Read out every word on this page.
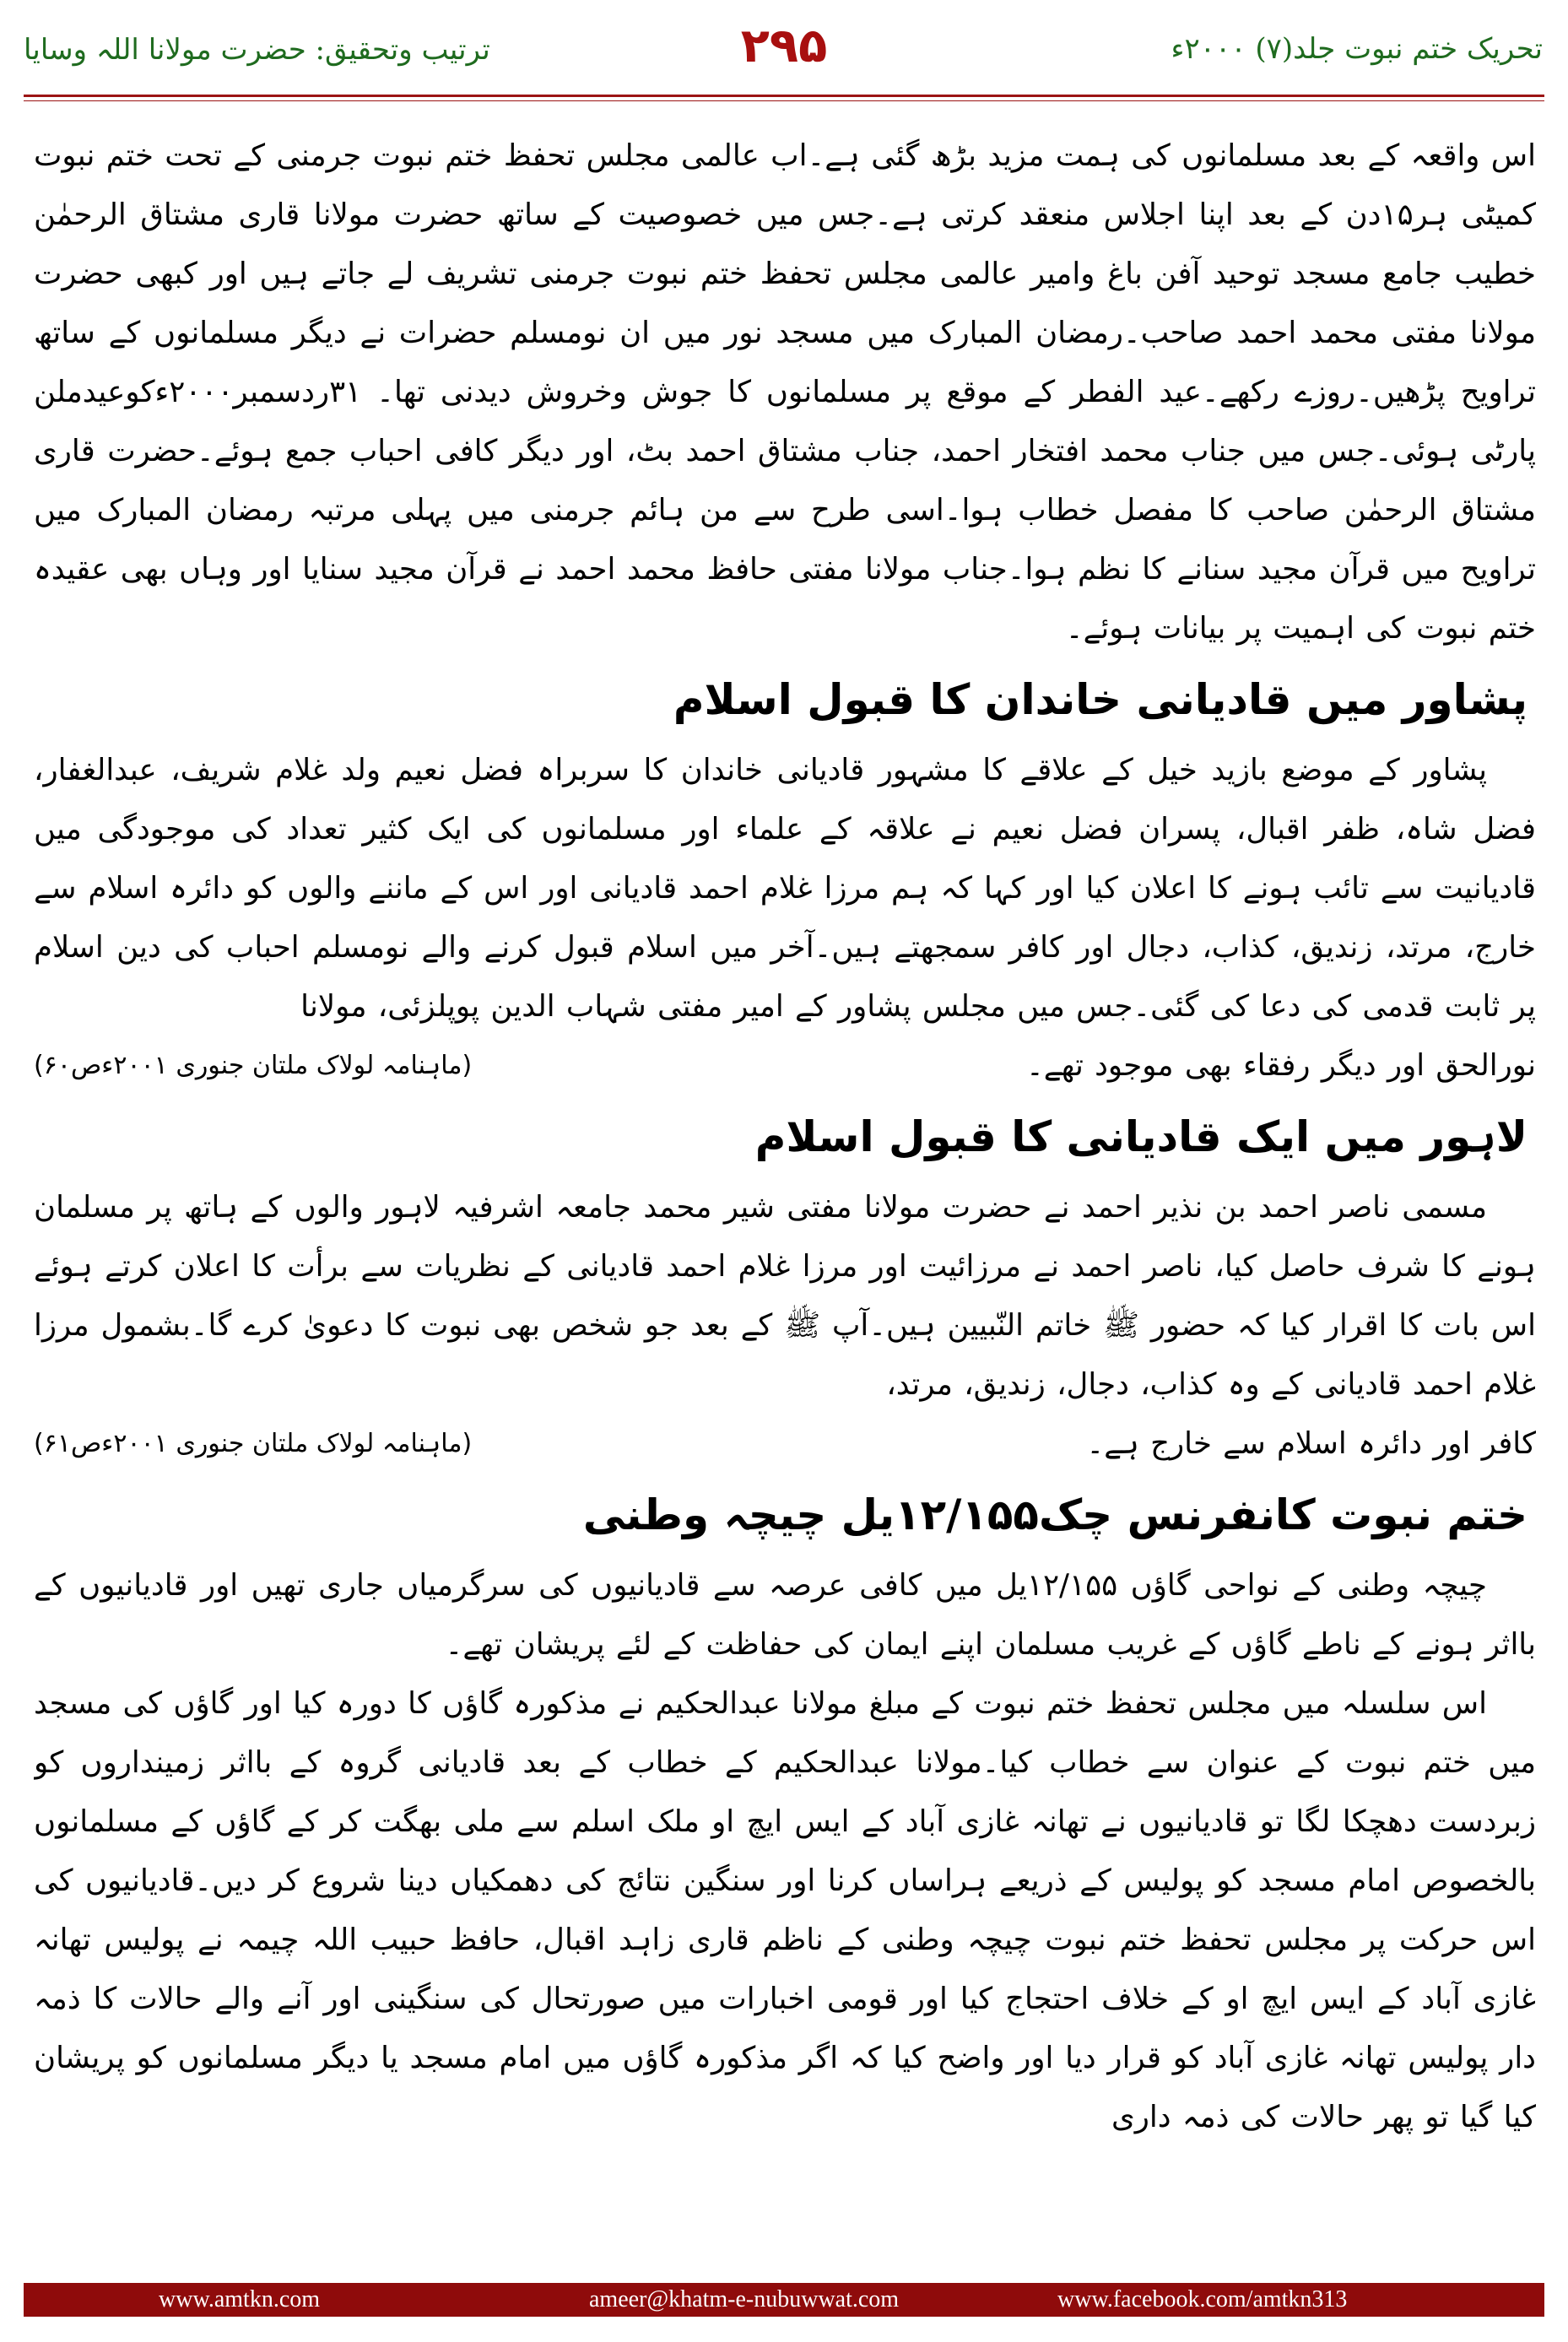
ترتیب وتحقیق: حضرت مولانا اللہ وسایا	۲۹۵	تحریک ختم نبوت جلد(۷) ۲۰۰۰ء

اس واقعہ کے بعد مسلمانوں کی ہمت مزید بڑھ گئی ہے۔اب عالمی مجلس تحفظ ختم نبوت جرمنی کے تحت ختم نبوت کمیٹی ہر۱۵دن کے بعد اپنا اجلاس منعقد کرتی ہے۔جس میں خصوصیت کے ساتھ حضرت مولانا قاری مشتاق الرحمٰن خطیب جامع مسجد توحید آفن باغ وامیر عالمی مجلس تحفظ ختم نبوت جرمنی تشریف لے جاتے ہیں اور کبھی حضرت مولانا مفتی محمد احمد صاحب۔رمضان المبارک میں مسجد نور میں ان نومسلم حضرات نے دیگر مسلمانوں کے ساتھ تراویح پڑھیں۔روزے رکھے۔عید الفطر کے موقع پر مسلمانوں کا جوش وخروش دیدنی تھا۔ ۳۱ردسمبر۲۰۰۰ءکوعیدملن پارٹی ہوئی۔جس میں جناب محمد افتخار احمد، جناب مشتاق احمد بٹ، اور دیگر کافی احباب جمع ہوئے۔حضرت قاری مشتاق الرحمٰن صاحب کا مفصل خطاب ہوا۔اسی طرح سے من ہائم جرمنی میں پہلی مرتبہ رمضان المبارک میں تراویح میں قرآن مجید سنانے کا نظم ہوا۔جناب مولانا مفتی حافظ محمد احمد نے قرآن مجید سنایا اور وہاں بھی عقیدہ ختم نبوت کی اہمیت پر بیانات ہوئے۔

پشاور میں قادیانی خاندان کا قبول اسلام

پشاور کے موضع بازید خیل کے علاقے کا مشہور قادیانی خاندان کا سربراہ فضل نعیم ولد غلام شریف، عبدالغفار، فضل شاہ، ظفر اقبال، پسران فضل نعیم نے علاقہ کے علماء اور مسلمانوں کی ایک کثیر تعداد کی موجودگی میں قادیانیت سے تائب ہونے کا اعلان کیا اور کہا کہ ہم مرزا غلام احمد قادیانی اور اس کے ماننے والوں کو دائرہ اسلام سے خارج، مرتد، زندیق، کذاب، دجال اور کافر سمجھتے ہیں۔آخر میں اسلام قبول کرنے والے نومسلم احباب کی دین اسلام پر ثابت قدمی کی دعا کی گئی۔جس میں مجلس پشاور کے امیر مفتی شہاب الدین پوپلزئی، مولانا

نورالحق اور دیگر رفقاء بھی موجود تھے۔

(ماہنامہ لولاک ملتان جنوری ۲۰۰۱ءص۶۰)
لاہور میں ایک قادیانی کا قبول اسلام

مسمی ناصر احمد بن نذیر احمد نے حضرت مولانا مفتی شیر محمد جامعہ اشرفیہ لاہور والوں کے ہاتھ پر مسلمان ہونے کا شرف حاصل کیا، ناصر احمد نے مرزائیت اور مرزا غلام احمد قادیانی کے نظریات سے برأت کا اعلان کرتے ہوئے اس بات کا اقرار کیا کہ حضور ﷺ خاتم النّبیین ہیں۔آپ ﷺ کے بعد جو شخص بھی نبوت کا دعویٰ کرے گا۔بشمول مرزا غلام احمد قادیانی کے وہ کذاب، دجال، زندیق، مرتد،

کافر اور دائرہ اسلام سے خارج ہے۔

(ماہنامہ لولاک ملتان جنوری ۲۰۰۱ءص۶۱)
ختم نبوت کانفرنس چک۱۲/۱۵۵یل چیچہ وطنی

چیچہ وطنی کے نواحی گاؤں ۱۲/۱۵۵یل میں کافی عرصہ سے قادیانیوں کی سرگرمیاں جاری تھیں اور قادیانیوں کے بااثر ہونے کے ناطے گاؤں کے غریب مسلمان اپنے ایمان کی حفاظت کے لئے پریشان تھے۔

اس سلسلہ میں مجلس تحفظ ختم نبوت کے مبلغ مولانا عبدالحکیم نے مذکورہ گاؤں کا دورہ کیا اور گاؤں کی مسجد میں ختم نبوت کے عنوان سے خطاب کیا۔مولانا عبدالحکیم کے خطاب کے بعد قادیانی گروہ کے بااثر زمینداروں کو زبردست دھچکا لگا تو قادیانیوں نے تھانہ غازی آباد کے ایس ایچ او ملک اسلم سے ملی بھگت کر کے گاؤں کے مسلمانوں بالخصوص امام مسجد کو پولیس کے ذریعے ہراساں کرنا اور سنگین نتائج کی دھمکیاں دینا شروع کر دیں۔قادیانیوں کی اس حرکت پر مجلس تحفظ ختم نبوت چیچہ وطنی کے ناظم قاری زاہد اقبال، حافظ حبیب اللہ چیمہ نے پولیس تھانہ غازی آباد کے ایس ایچ او کے خلاف احتجاج کیا اور قومی اخبارات میں صورتحال کی سنگینی اور آنے والے حالات کا ذمہ دار پولیس تھانہ غازی آباد کو قرار دیا اور واضح کیا کہ اگر مذکورہ گاؤں میں امام مسجد یا دیگر مسلمانوں کو پریشان کیا گیا تو پھر حالات کی ذمہ داری

www.amtkn.com	ameer@khatm-e-nubuwwat.com	www.facebook.com/amtkn313
